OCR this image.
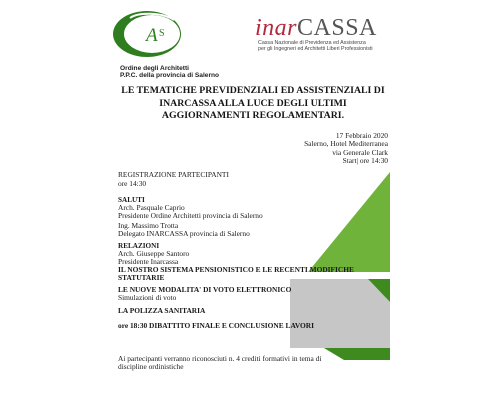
A S
Ordine degli Architetti
P.P.C. della provincia di Salerno
inarCASSA
Cassa Nazionale di Previdenza ed Assistenza
per gli Ingegneri ed Architetti Liberi Professionisti
LE TEMATICHE PREVIDENZIALI ED ASSISTENZIALI DI
INARCASSA ALLA LUCE DEGLI ULTIMI
AGGIORNAMENTI REGOLAMENTARI.
17 Febbraio 2020
Salerno, Hotel Mediterranea
via Generale Clark
Start| ore 14:30
REGISTRAZIONE PARTECIPANTI
ore 14:30
SALUTI
Arch. Pasquale Caprio
Presidente Ordine Architetti provincia di Salerno
Ing. Massimo Trotta
Delegato INARCASSA provincia di Salerno
RELAZIONI
Arch. Giuseppe Santoro
Presidente Inarcassa
IL NOSTRO SISTEMA PENSIONISTICO E LE RECENTI MODIFICHE
STATUTARIE
LE NUOVE MODALITA' DI VOTO ELETTRONICO
Simulazioni di voto
LA POLIZZA SANITARIA
ore 18:30 DIBATTITO FINALE E CONCLUSIONE LAVORI
Ai partecipanti verranno riconosciuti n. 4 crediti formativi in tema di
discipline ordinistiche
